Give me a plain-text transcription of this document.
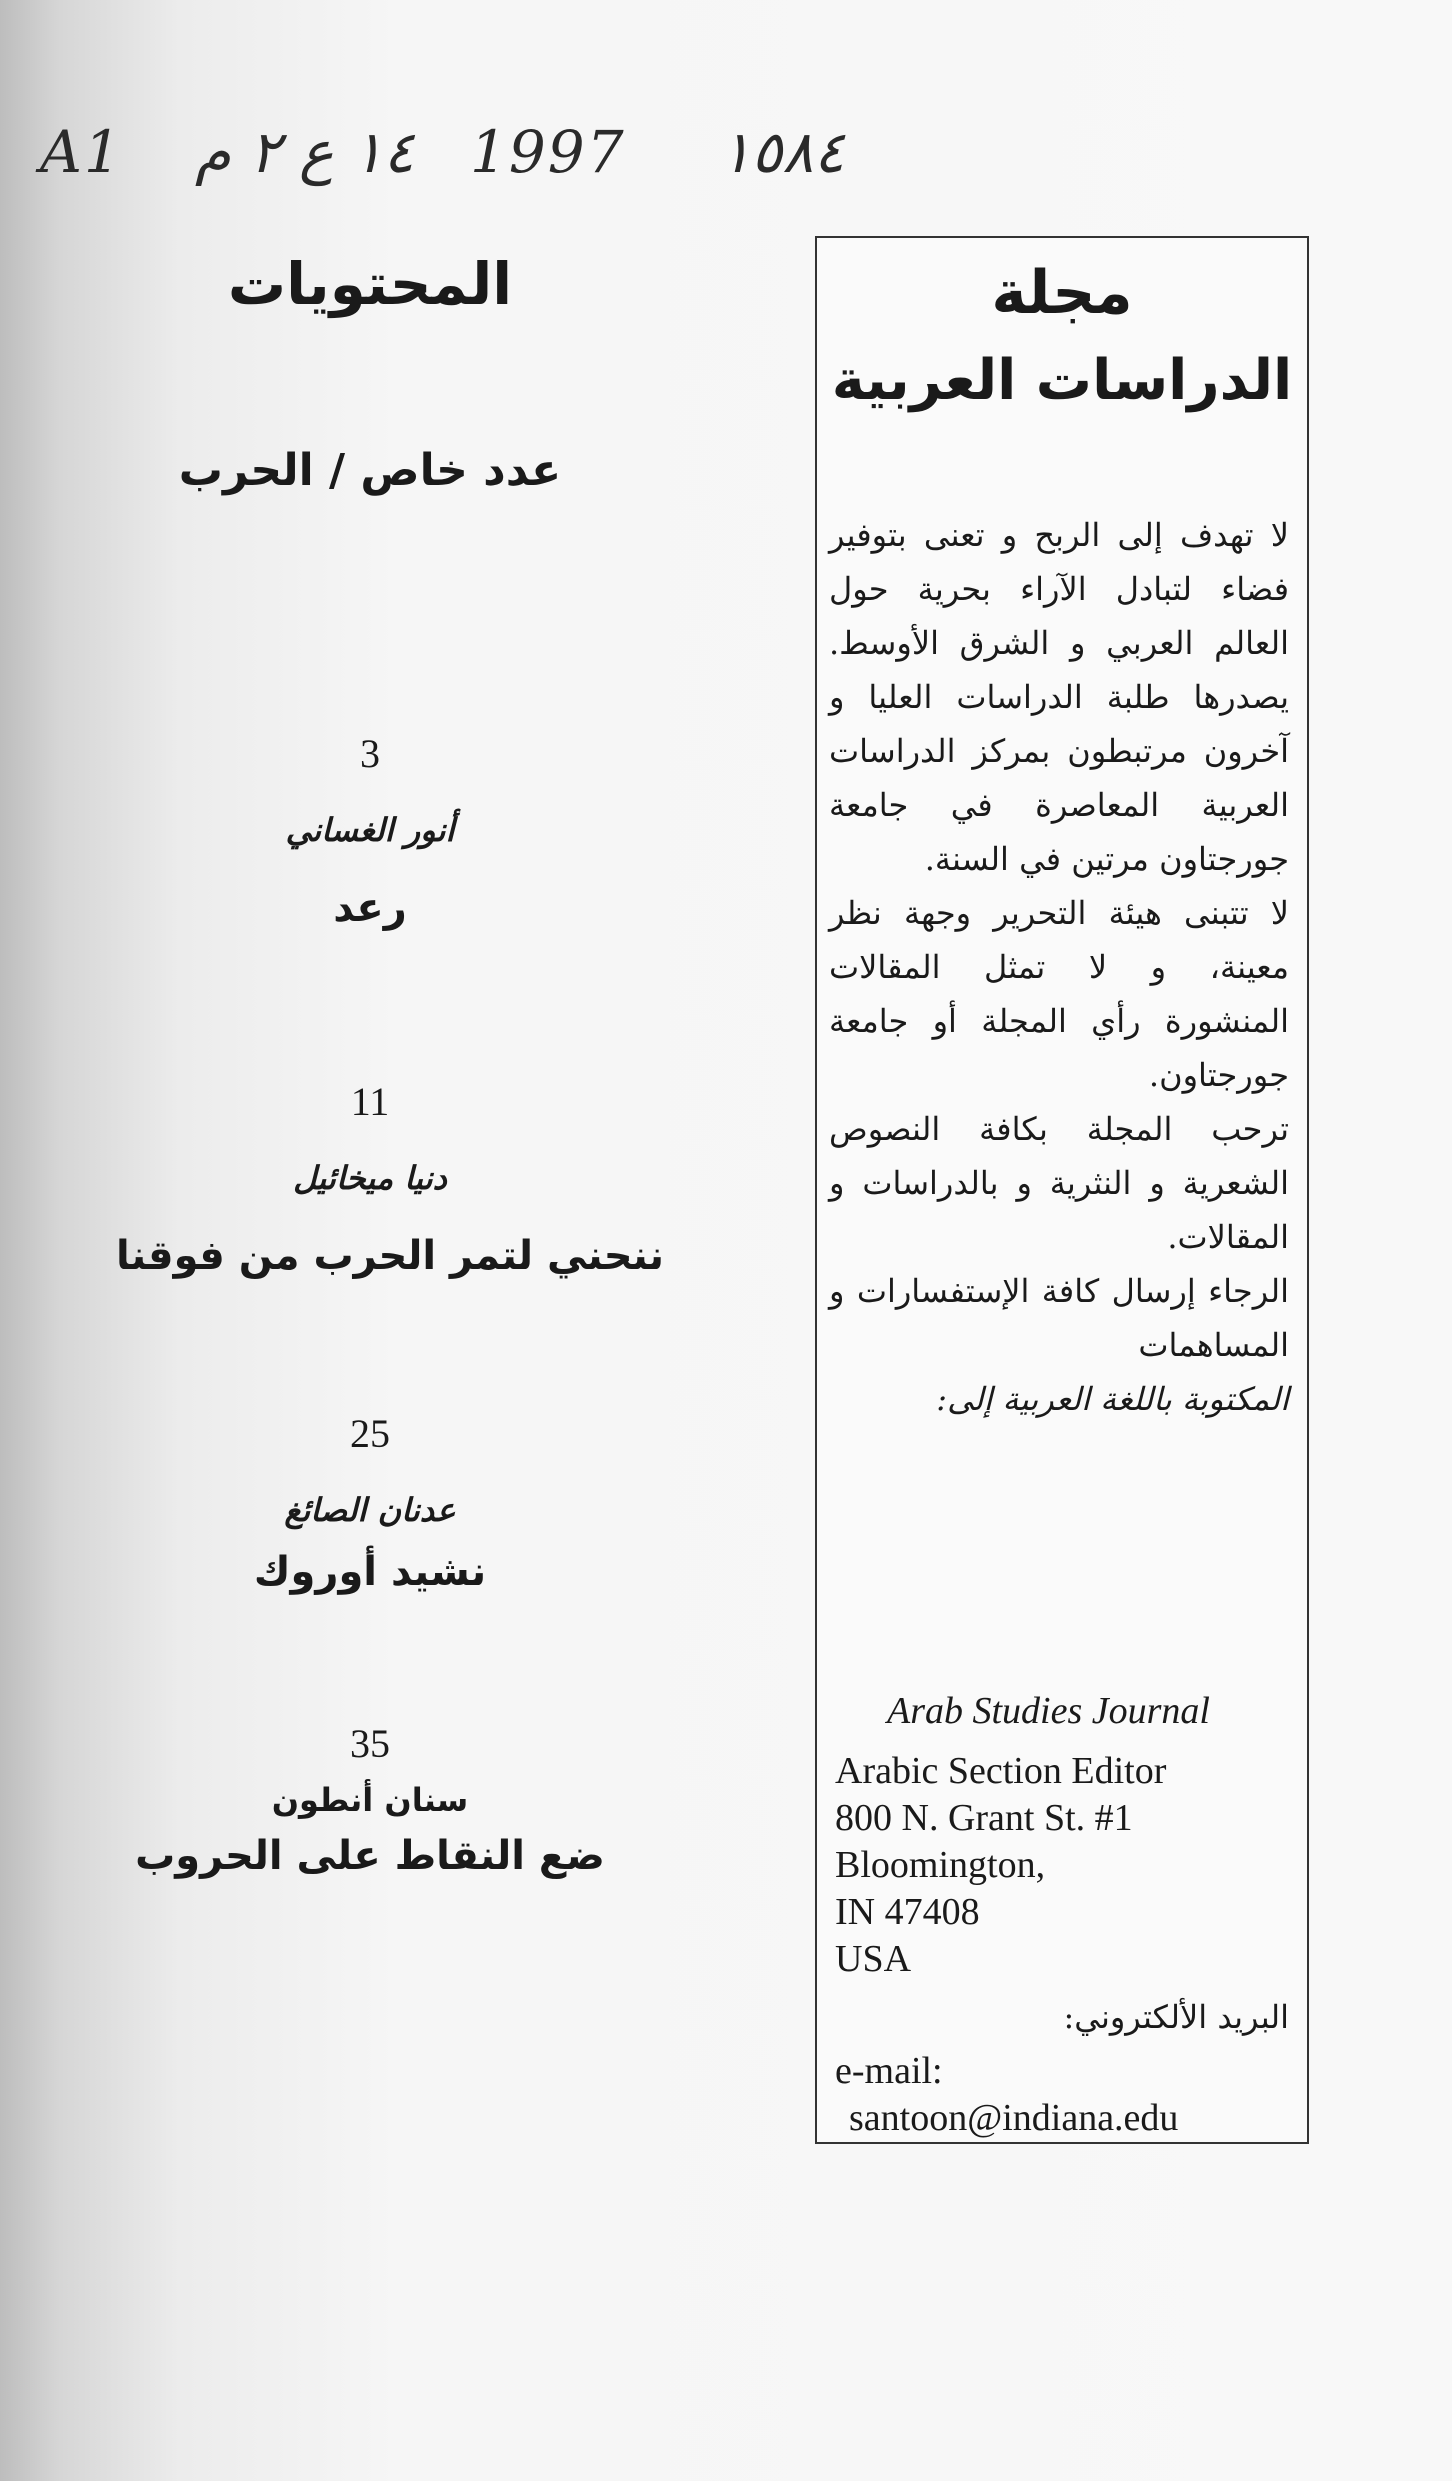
A1 ١٤ ع ٢ م 1997 ١٥٨٤
المحتويات
عدد خاص / الحرب
3
أنور الغساني
رعد
11
دنيا ميخائيل
ننحني لتمر الحرب من فوقنا
25
عدنان الصائغ
نشيد أوروك
35
سنان أنطون
ضع النقاط على الحروب
مجلة
الدراسات العربية

لا تهدف إلى الربح و تعنى بتوفير فضاء لتبادل الآراء بحرية حول العالم العربي و الشرق الأوسط. يصدرها طلبة الدراسات العليا و آخرون مرتبطون بمركز الدراسات العربية المعاصرة في جامعة جورجتاون مرتين في السنة.

لا تتبنى هيئة التحرير وجهة نظر معينة، و لا تمثل المقالات المنشورة رأي المجلة أو جامعة جورجتاون.

ترحب المجلة بكافة النصوص الشعرية و النثرية و بالدراسات و المقالات.

الرجاء إرسال كافة الإستفسارات و المساهمات

المكتوبة باللغة العربية إلى:

Arab Studies Journal
Arabic Section Editor
800 N. Grant St. #1
Bloomington,
IN 47408
USA
البريد الألكتروني:
e-mail:
santoon@indiana.edu
